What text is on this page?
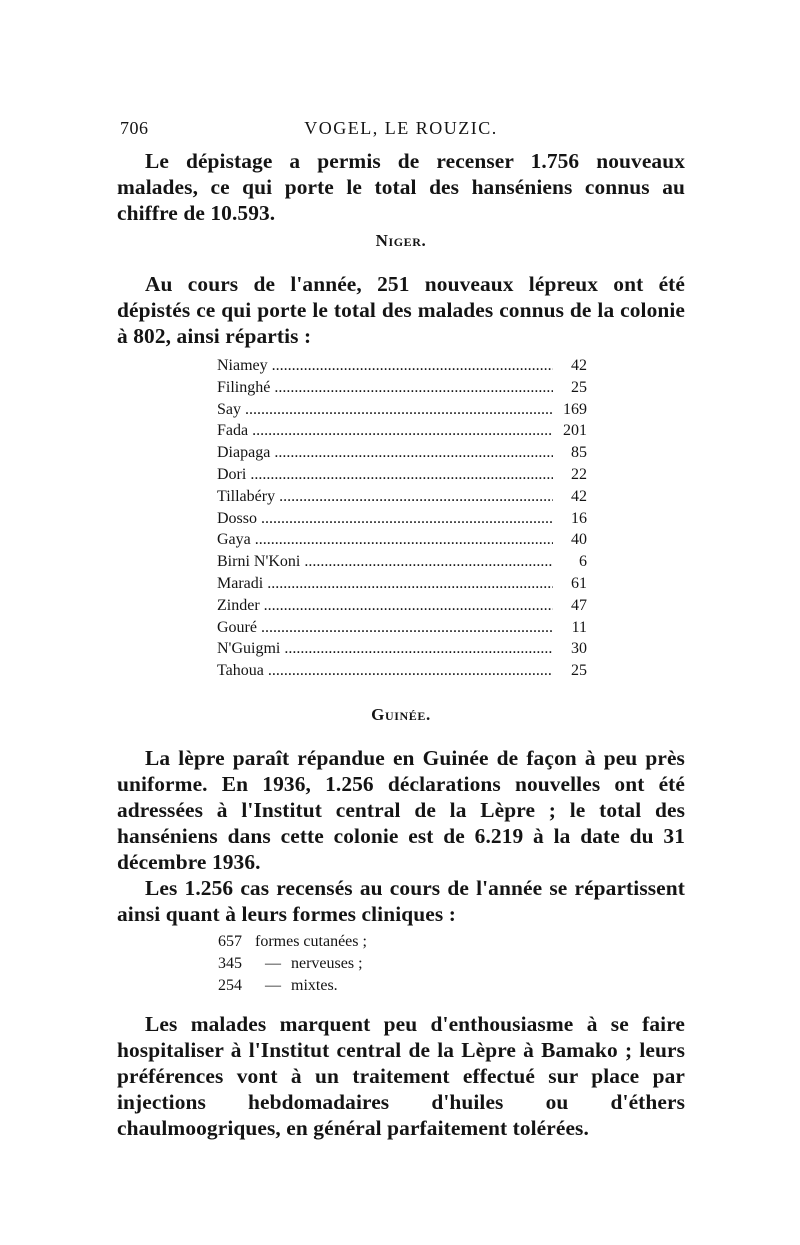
706	VOGEL, LE ROUZIC.

Le dépistage a permis de recenser 1.756 nouveaux malades, ce qui porte le total des hanséniens connus au chiffre de 10.593.

Niger.

Au cours de l'année, 251 nouveaux lépreux ont été dépistés ce qui porte le total des malades connus de la colonie à 802, ainsi répartis :

Niamey . . .	42
Filinghé . . .	25
Say . . .	169
Fada . . .	201
Diapaga . . .	85
Dori . . .	22
Tillabéry . . .	42
Dosso . . .	16
Gaya . . .	40
Birni N'Koni . . .	6
Maradi . . .	61
Zinder . . .	47
Gouré . . .	11
N'Guigmi . . .	30
Tahoua . . .	25
Guinée.

La lèpre paraît répandue en Guinée de façon à peu près uniforme. En 1936, 1.256 déclarations nouvelles ont été adressées à l'Institut central de la Lèpre ; le total des hanséniens dans cette colonie est de 6.219 à la date du 31 décembre 1936.

Les 1.256 cas recensés au cours de l'année se répartissent ainsi quant à leurs formes cliniques :

657 formes cutanées ;
345	— nerveuses ;
254	— mixtes.

Les malades marquent peu d'enthousiasme à se faire hospitaliser à l'Institut central de la Lèpre à Bamako ; leurs préférences vont à un traitement effectué sur place par injections hebdomadaires d'huiles ou d'éthers chaulmoogriques, en général parfaitement tolérées.
